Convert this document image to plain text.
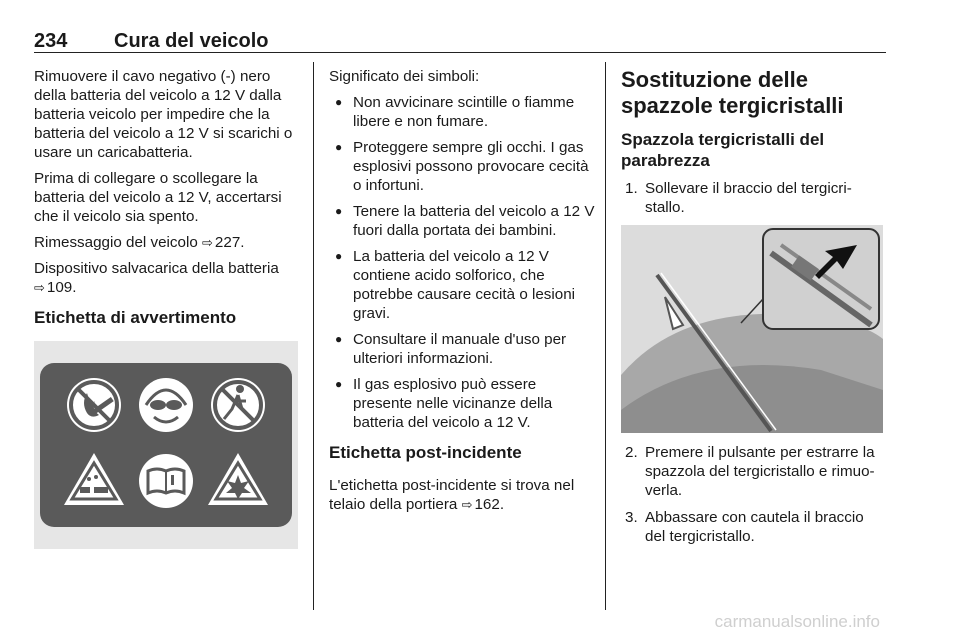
234 Cura del veicolo

Rimuovere il cavo negativo (-) nero della batteria del veicolo a 12 V dalla batteria veicolo per impedire che la batteria del veicolo a 12 V si scarichi o usare un caricabatteria.

Prima di collegare o scollegare la batteria del veicolo a 12 V, accertarsi che il veicolo sia spento.

Rimessaggio del veicolo ⇨ 227.

Dispositivo salvacarica della batteria ⇨ 109.

Etichetta di avvertimento

Significato dei simboli:

● Non avvicinare scintille o fiamme libere e non fumare.
● Proteggere sempre gli occhi. I gas esplosivi possono provocare cecità o infortuni.
● Tenere la batteria del veicolo a 12 V fuori dalla portata dei bambini.
● La batteria del veicolo a 12 V contiene acido solforico, che potrebbe causare cecità o lesioni gravi.
● Consultare il manuale d'uso per ulteriori informazioni.
● Il gas esplosivo può essere presente nelle vicinanze della batteria del veicolo a 12 V.
Etichetta post-incidente

L'etichetta post-incidente si trova nel telaio della portiera ⇨ 162.

Sostituzione delle spazzole tergicristalli
Spazzola tergicristalli del parabrezza
1. Sollevare il braccio del tergicri- stallo.
2. Premere il pulsante per estrarre la spazzola del tergicristallo e rimuo- verla.
3. Abbassare con cautela il braccio del tergicristallo.
carmanualsonline.info
